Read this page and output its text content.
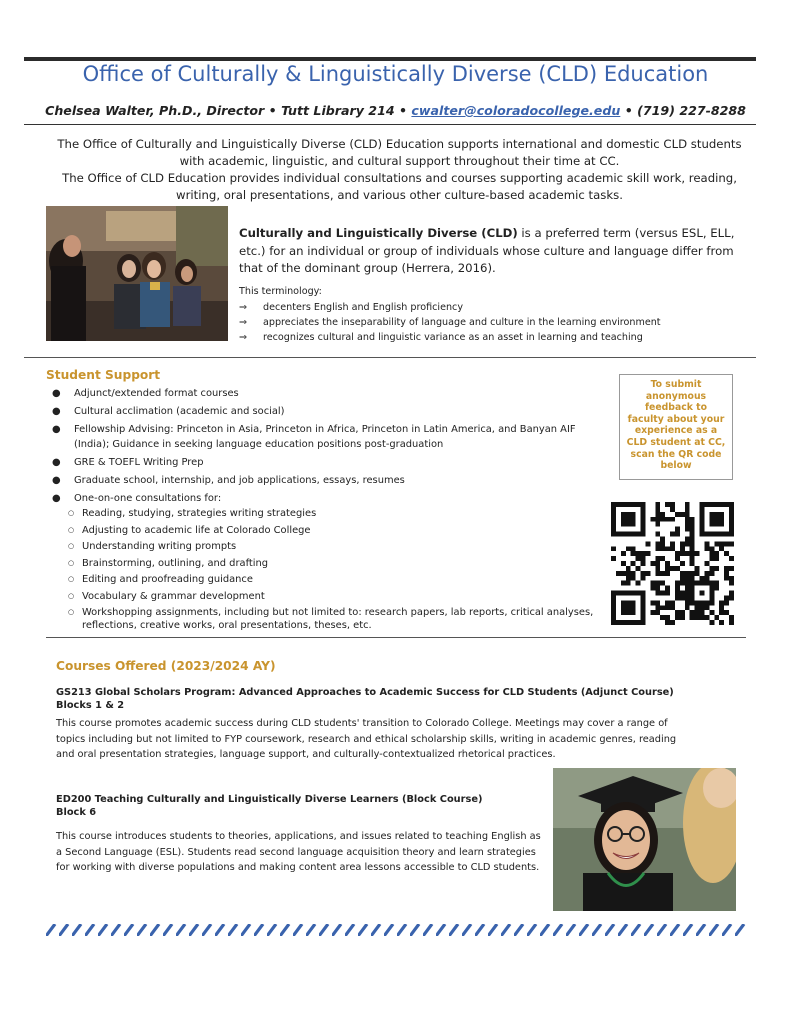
Office of Culturally & Linguistically Diverse (CLD) Education
Chelsea Walter, Ph.D., Director • Tutt Library 214 • cwalter@coloradocollege.edu • (719) 227-8288
The Office of Culturally and Linguistically Diverse (CLD) Education supports international and domestic CLD students with academic, linguistic, and cultural support throughout their time at CC.
The Office of CLD Education provides individual consultations and courses supporting academic skill work, reading, writing, oral presentations, and various other culture-based academic tasks.
Culturally and Linguistically Diverse (CLD) is a preferred term (versus ESL, ELL, etc.) for an individual or group of individuals whose culture and language differ from that of the dominant group (Herrera, 2016).
This terminology:
⇒ decenters English and English proficiency
⇒ appreciates the inseparability of language and culture in the learning environment
⇒ recognizes cultural and linguistic variance as an asset in learning and teaching
Student Support
● Adjunct/extended format courses
● Cultural acclimation (academic and social)
● Fellowship Advising: Princeton in Asia, Princeton in Africa, Princeton in Latin America, and Banyan AIF (India); Guidance in seeking language education positions post-graduation
● GRE & TOEFL Writing Prep
● Graduate school, internship, and job applications, essays, resumes
● One-on-one consultations for:
○ Reading, studying, strategies writing strategies
○ Adjusting to academic life at Colorado College
○ Understanding writing prompts
○ Brainstorming, outlining, and drafting
○ Editing and proofreading guidance
○ Vocabulary & grammar development
○ Workshopping assignments, including but not limited to: research papers, lab reports, critical analyses, reflections, creative works, oral presentations, theses, etc.
To submit anonymous feedback to faculty about your experience as a CLD student at CC, scan the QR code below
Courses Offered (2023/2024 AY)
GS213 Global Scholars Program: Advanced Approaches to Academic Success for CLD Students (Adjunct Course)
Blocks 1 & 2
This course promotes academic success during CLD students' transition to Colorado College. Meetings may cover a range of topics including but not limited to FYP coursework, research and ethical scholarship skills, writing in academic genres, reading and oral presentation strategies, language support, and culturally-contextualized rhetorical practices.
ED200 Teaching Culturally and Linguistically Diverse Learners (Block Course)
Block 6
This course introduces students to theories, applications, and issues related to teaching English as a Second Language (ESL). Students read second language acquisition theory and learn strategies for working with diverse populations and making content area lessons accessible to CLD students.
